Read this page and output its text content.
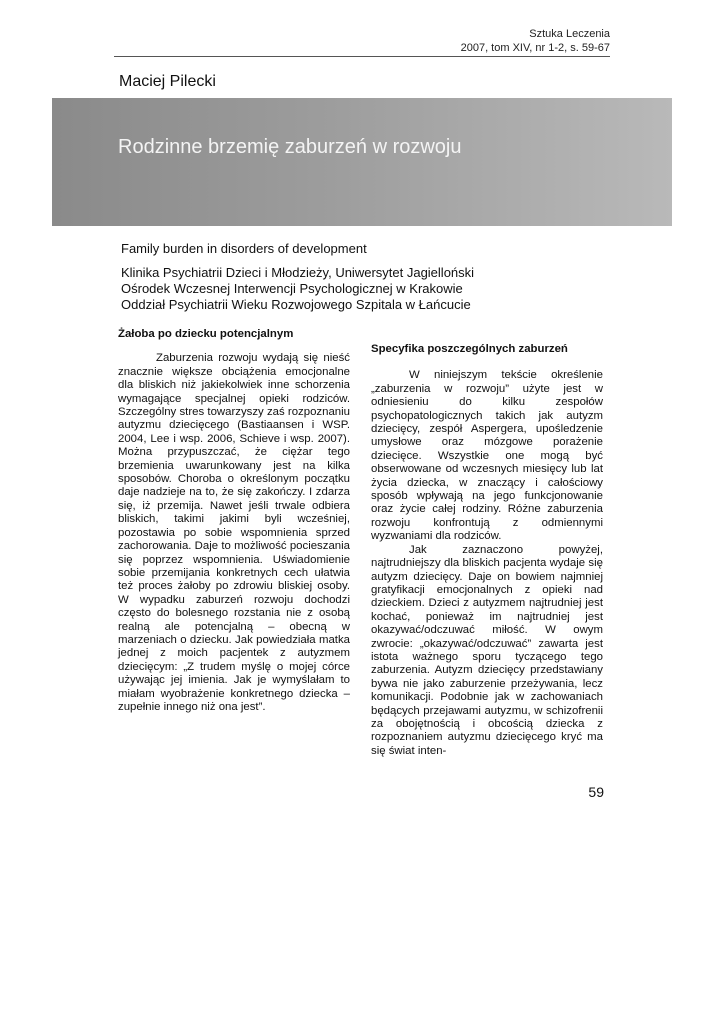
Sztuka Leczenia
2007, tom XIV, nr 1-2, s. 59-67
Maciej Pilecki
Rodzinne brzemię zaburzeń w rozwoju
Family burden in disorders of development
Klinika Psychiatrii Dzieci i Młodzieży, Uniwersytet Jagielloński
Ośrodek Wczesnej Interwencji Psychologicznej w Krakowie
Oddział Psychiatrii Wieku Rozwojowego Szpitala w Łańcucie
Żałoba po dziecku potencjalnym

Zaburzenia rozwoju wydają się nieść znacznie większe obciążenia emocjonalne dla bliskich niż jakiekolwiek inne schorzenia wymagające specjalnej opieki rodziców. Szczególny stres towarzyszy zaś rozpoznaniu autyzmu dziecięcego (Bastiaansen i WSP. 2004, Lee i wsp. 2006, Schieve i wsp. 2007). Można przypuszczać, że ciężar tego brzemienia uwarunkowany jest na kilka sposobów. Choroba o określonym początku daje nadzieje na to, że się zakończy. I zdarza się, iż przemija. Nawet jeśli trwale odbiera bliskich, takimi jakimi byli wcześniej, pozostawia po sobie wspomnienia sprzed zachorowania. Daje to możliwość pocieszania się poprzez wspomnienia. Uświadomienie sobie przemijania konkretnych cech ułatwia też proces żałoby po zdrowiu bliskiej osoby. W wypadku zaburzeń rozwoju dochodzi często do bolesnego rozstania nie z osobą realną ale potencjalną – obecną w marzeniach o dziecku. Jak powiedziała matka jednej z moich pacjentek z autyzmem dziecięcym: „Z trudem myślę o mojej córce używając jej imienia. Jak je wymyślałam to miałam wyobrażenie konkretnego dziecka – zupełnie innego niż ona jest”.

Specyfika poszczególnych zaburzeń

W niniejszym tekście określenie „zaburzenia w rozwoju” użyte jest w odniesieniu do kilku zespołów psychopatologicznych takich jak autyzm dziecięcy, zespół Aspergera, upośledzenie umysłowe oraz mózgowe porażenie dziecięce. Wszystkie one mogą być obserwowane od wczesnych miesięcy lub lat życia dziecka, w znaczący i całościowy sposób wpływają na jego funkcjonowanie oraz życie całej rodziny. Różne zaburzenia rozwoju konfrontują z odmiennymi wyzwaniami dla rodziców.

Jak zaznaczono powyżej, najtrudniejszy dla bliskich pacjenta wydaje się autyzm dziecięcy. Daje on bowiem najmniej gratyfikacji emocjonalnych z opieki nad dzieckiem. Dzieci z autyzmem najtrudniej jest kochać, ponieważ im najtrudniej jest okazywać/odczuwać miłość. W owym zwrocie: „okazywać/odczuwać” zawarta jest istota ważnego sporu tyczącego tego zaburzenia. Autyzm dziecięcy przedstawiany bywa nie jako zaburzenie przeżywania, lecz komunikacji. Podobnie jak w zachowaniach będących przejawami autyzmu, w schizofrenii za obojętnością i obcością dziecka z rozpoznaniem autyzmu dziecięcego kryć ma się świat inten-

59
